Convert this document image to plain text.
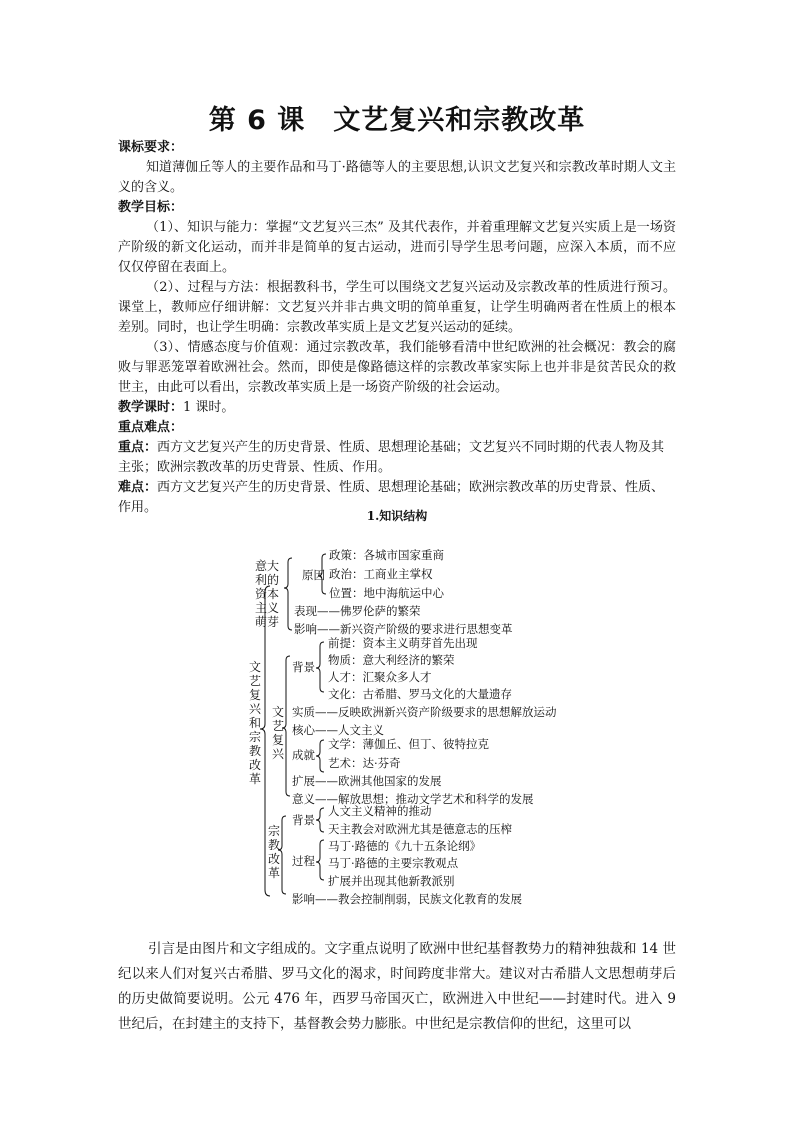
第 6 课　文艺复兴和宗教改革
课标要求：
知道薄伽丘等人的主要作品和马丁·路德等人的主要思想,认识文艺复兴和宗教改革时期人文主义的含义。
教学目标：
（1）、知识与能力：掌握“文艺复兴三杰” 及其代表作，并着重理解文艺复兴实质上是一场资产阶级的新文化运动，而并非是简单的复古运动，进而引导学生思考问题，应深入本质，而不应仅仅停留在表面上。
（2）、过程与方法：根据教科书，学生可以围绕文艺复兴运动及宗教改革的性质进行预习。课堂上，教师应仔细讲解：文艺复兴并非古典文明的简单重复，让学生明确两者在性质上的根本差别。同时，也让学生明确：宗教改革实质上是文艺复兴运动的延续。
（3）、情感态度与价值观：通过宗教改革，我们能够看清中世纪欧洲的社会概况：教会的腐败与罪恶笼罩着欧洲社会。然而，即使是像路德这样的宗教改革家实际上也并非是贫苦民众的救世主，由此可以看出，宗教改革实质上是一场资产阶级的社会运动。
教学课时：1 课时。
重点难点：
重点：西方文艺复兴产生的历史背景、性质、思想理论基础；文艺复兴不同时期的代表人物及其主张；欧洲宗教改革的历史背景、性质、作用。
难点：西方文艺复兴产生的历史背景、性质、思想理论基础；欧洲宗教改革的历史背景、性质、作用。
1.知识结构
文艺复兴和宗教改革
意大利的资本主义萌芽
原因
政策：各城市国家重商
政治：工商业主掌权
位置：地中海航运中心
表现——佛罗伦萨的繁荣
影响——新兴资产阶级的要求进行思想变革
文艺复兴
背景
前提：资本主义萌芽首先出现
物质：意大利经济的繁荣
人才：汇聚众多人才
文化：古希腊、罗马文化的大量遗存
实质——反映欧洲新兴资产阶级要求的思想解放运动
核心——人文主义
成就
文学：薄伽丘、但丁、彼特拉克
艺术：达·芬奇
扩展——欧洲其他国家的发展
意义——解放思想；推动文学艺术和科学的发展
宗教改革
背景
人文主义精神的推动
天主教会对欧洲尤其是德意志的压榨
过程
马丁·路德的《九十五条论纲》
马丁·路德的主要宗教观点
扩展并出现其他新教派别
影响——教会控制削弱，民族文化教育的发展
引言是由图片和文字组成的。文字重点说明了欧洲中世纪基督教势力的精神独裁和 14 世纪以来人们对复兴古希腊、罗马文化的渴求，时间跨度非常大。建议对古希腊人文思想萌芽后的历史做简要说明。公元 476 年，西罗马帝国灭亡，欧洲进入中世纪——封建时代。进入 9 世纪后，在封建主的支持下，基督教会势力膨胀。中世纪是宗教信仰的世纪，这里可以
